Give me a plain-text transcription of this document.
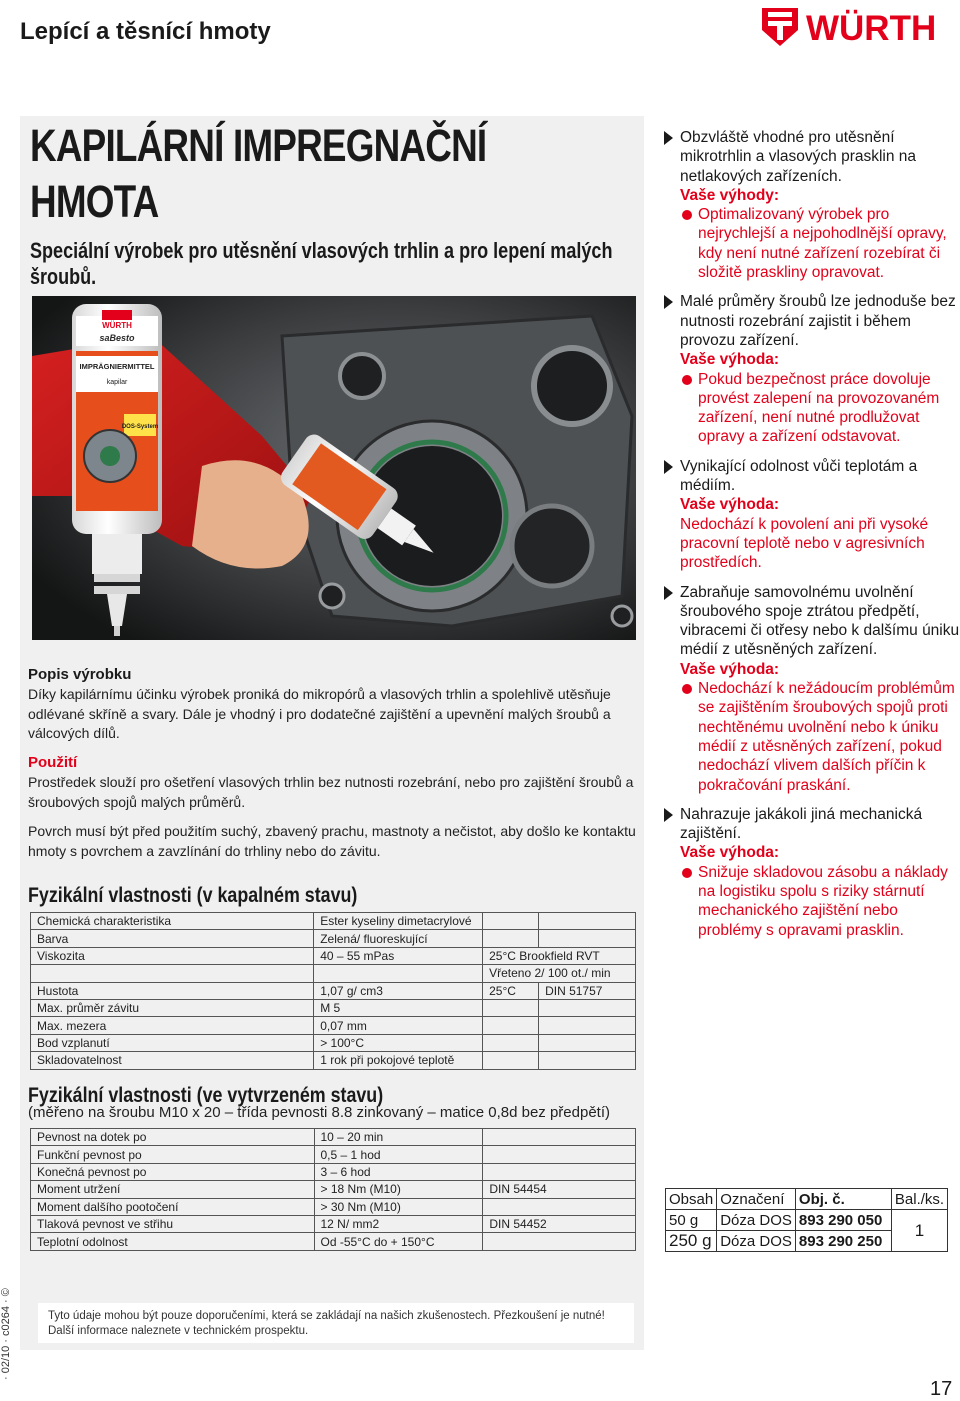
Lepící a těsnící hmoty	WÜRTH
KAPILÁRNÍ IMPREGNAČNÍ HMOTA
Speciální výrobek pro utěsnění vlasových trhlin a pro lepení malých šroubů.
WÜRTH
saBesto
IMPRÄGNIERMITTEL
kapilar
DOS-System
Popis výrobku
Díky kapilárnímu účinku výrobek proniká do mikropórů a vlasových trhlin a spolehlivě utěsňuje odlévané skříně a svary. Dále je vhodný i pro dodatečné zajištění a upevnění malých šroubů a válcových dílů.
Použití
Prostředek slouží pro ošetření vlasových trhlin bez nutnosti rozebrání, nebo pro zajištění šroubů a šroubových spojů malých průměrů.
Povrch musí být před použitím suchý, zbavený prachu, mastnoty a nečistot, aby došlo ke kontaktu hmoty s povrchem a zavzlínání do trhliny nebo do závitu.
Fyzikální vlastnosti (v kapalném stavu)
Chemická charakteristika	Ester kyseliny dimetacrylové		
Barva	Zelená/ fluoreskující		
Viskozita	40 – 55 mPas	25°C Brookfield RVT	
		Vřeteno 2/ 100 ot./ min	
Hustota	1,07 g/ cm3	25°C	DIN 51757
Max. průměr závitu	M 5		
Max. mezera	0,07 mm		
Bod vzplanutí	> 100°C		
Skladovatelnost	1 rok při pokojové teplotě		
Fyzikální vlastnosti (ve vytvrzeném stavu)
(měřeno na šroubu M10 x 20 – třída pevnosti 8.8 zinkovaný – matice 0,8d bez předpětí)
Pevnost na dotek po	10 – 20 min	
Funkční pevnost po	0,5 – 1 hod	
Konečná pevnost po	3 – 6 hod	
Moment utržení	> 18 Nm (M10)	DIN 54454
Moment dalšího pootočení	> 30 Nm (M10)	
Tlaková pevnost ve střihu	12 N/ mm2	DIN 54452
Teplotní odolnost	Od -55°C do + 150°C	
Tyto údaje mohou být pouze doporučeními, která se zakládají na našich zkušenostech. Přezkoušení je nutné! Další informace naleznete v technickém prospektu.
· 02/10 · c0264 · ©
Obzvláště vhodné pro utěsnění mikrotrhlin a vlasových prasklin na netlakových zařízeních.
Vaše výhody:
Optimalizovaný výrobek pro nejrychlejší a nejpohodlnější opravy, kdy není nutné zařízení rozebírat či složitě praskliny opravovat.
Malé průměry šroubů lze jednoduše bez nutnosti rozebrání zajistit i během provozu zařízení.
Vaše výhoda:
Pokud bezpečnost práce dovoluje provést zalepení na provozovaném zařízení, není nutné prodlužovat opravy a zařízení odstavovat.
Vynikající odolnost vůči teplotám a médiím.
Vaše výhoda:
Nedochází k povolení ani při vysoké pracovní teplotě nebo v agresivních prostředích.
Zabraňuje samovolnému uvolnění šroubového spoje ztrátou předpětí, vibracemi či otřesy nebo k dalšímu úniku médií z utěsněných zařízení.
Vaše výhoda:
Nedochází k nežádoucím problémům se zajištěním šroubových spojů proti nechtěnému uvolnění nebo k úniku médií z utěsněných zařízení, pokud nedochází vlivem dalších příčin k pokračování praskání.
Nahrazuje jakákoli jiná mechanická zajištění.
Vaše výhoda:
Snižuje skladovou zásobu a náklady na logistiku spolu s riziky stárnutí mechanického zajištění nebo problémy s opravami prasklin.
Obsah	Označení	Obj. č.	Bal./ks.
50 g	Dóza DOS	893 290 050	1
250 g	Dóza DOS	893 290 250	
17
